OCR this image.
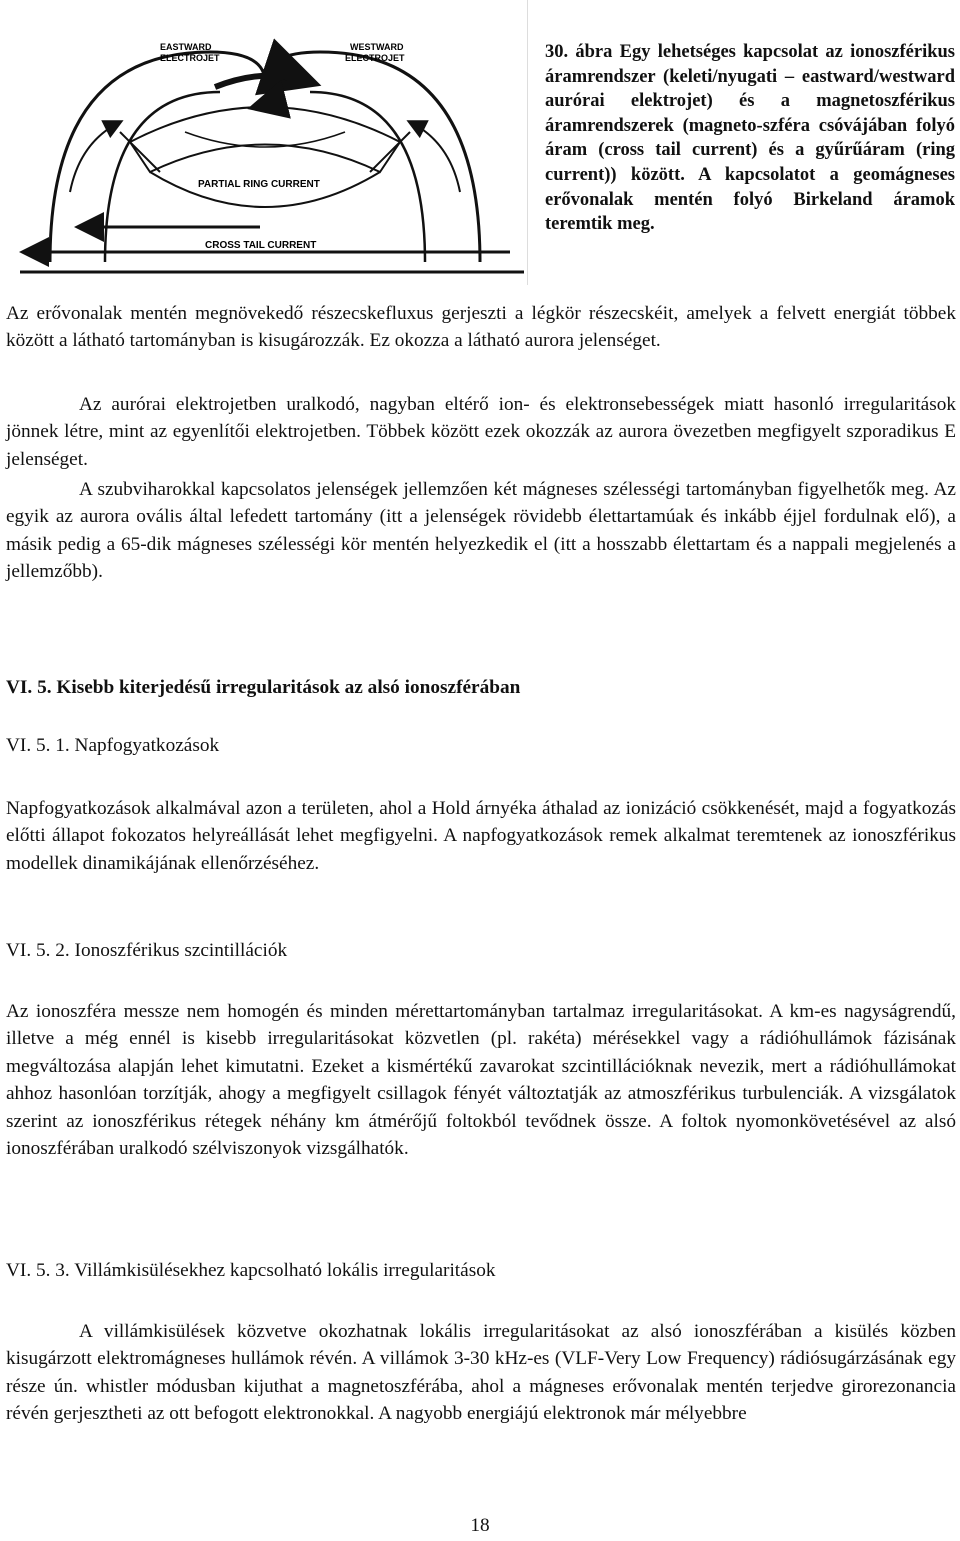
EASTWARD
ELECTROJET
WESTWARD
ELECTROJET
PARTIAL RING CURRENT
CROSS TAIL CURRENT
30. ábra Egy lehetséges kapcsolat az ionoszférikus áramrendszer (keleti/nyugati – eastward/westward aurórai elektrojet) és a magnetoszférikus áramrendszerek (magneto-szféra csóvájában folyó áram (cross tail current) és a gyűrűáram (ring current)) között. A kapcsolatot a geomágneses erővonalak mentén folyó Birkeland áramok teremtik meg.

Az erővonalak mentén megnövekedő részecskefluxus gerjeszti a légkör részecskéit, amelyek a felvett energiát többek között a látható tartományban is kisugározzák. Ez okozza a látható aurora jelenséget.

Az aurórai elektrojetben uralkodó, nagyban eltérő ion- és elektronsebességek miatt hasonló irregularitások jönnek létre, mint az egyenlítői elektrojetben. Többek között ezek okozzák az aurora övezetben megfigyelt szporadikus E jelenséget.

A szubviharokkal kapcsolatos jelenségek jellemzően két mágneses szélességi tartományban figyelhetők meg. Az egyik az aurora ovális által lefedett tartomány (itt a jelenségek rövidebb élettartamúak és inkább éjjel fordulnak elő), a másik pedig a 65-dik mágneses szélességi kör mentén helyezkedik el (itt a hosszabb élettartam és a nappali megjelenés a jellemzőbb).

VI. 5. Kisebb kiterjedésű irregularitások az alsó ionoszférában

VI. 5. 1. Napfogyatkozások

Napfogyatkozások alkalmával azon a területen, ahol a Hold árnyéka áthalad az ionizáció csökkenését, majd a fogyatkozás előtti állapot fokozatos helyreállását lehet megfigyelni. A napfogyatkozások remek alkalmat teremtenek az ionoszférikus modellek dinamikájának ellenőrzéséhez.

VI. 5. 2. Ionoszférikus szcintillációk

Az ionoszféra messze nem homogén és minden mérettartományban tartalmaz irregularitásokat. A km-es nagyságrendű, illetve a még ennél is kisebb irregularitásokat közvetlen (pl. rakéta) mérésekkel vagy a rádióhullámok fázisának megváltozása alapján lehet kimutatni. Ezeket a kismértékű zavarokat szcintillációknak nevezik, mert a rádióhullámokat ahhoz hasonlóan torzítják, ahogy a megfigyelt csillagok fényét változtatják az atmoszférikus turbulenciák. A vizsgálatok szerint az ionoszférikus rétegek néhány km átmérőjű foltokból tevődnek össze. A foltok nyomonkövetésével az alsó ionoszférában uralkodó szélviszonyok vizsgálhatók.

VI. 5. 3. Villámkisülésekhez kapcsolható lokális irregularitások

A villámkisülések közvetve okozhatnak lokális irregularitásokat az alsó ionoszférában a kisülés közben kisugárzott elektromágneses hullámok révén. A villámok 3-30 kHz-es (VLF-Very Low Frequency) rádiósugárzásának egy része ún. whistler módusban kijuthat a magnetoszférába, ahol a mágneses erővonalak mentén terjedve girorezonancia révén gerjesztheti az ott befogott elektronokkal. A nagyobb energiájú elektronok már mélyebbre

18
